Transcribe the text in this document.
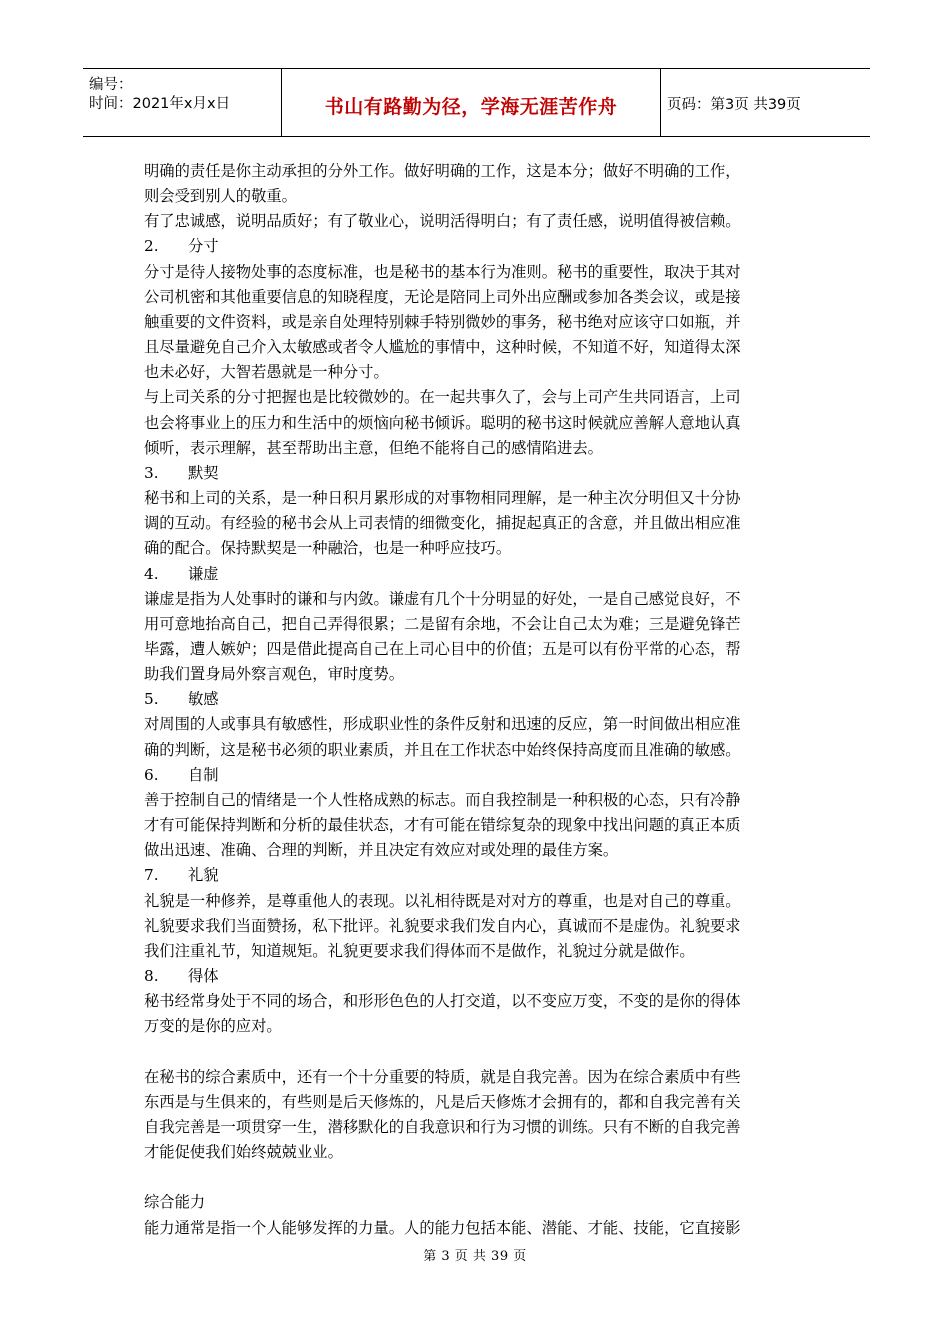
编号：
时间：2021年x月x日	书山有路勤为径，学海无涯苦作舟	页码：第3页 共39页

明确的责任是你主动承担的分外工作。做好明确的工作，这是本分；做好不明确的工作，

则会受到别人的敬重。

有了忠诚感，说明品质好；有了敬业心，说明活得明白；有了责任感，说明值得被信赖。

2. 分寸

分寸是待人接物处事的态度标准，也是秘书的基本行为准则。秘书的重要性，取决于其对

公司机密和其他重要信息的知晓程度，无论是陪同上司外出应酬或参加各类会议，或是接

触重要的文件资料，或是亲自处理特别棘手特别微妙的事务，秘书绝对应该守口如瓶，并

且尽量避免自己介入太敏感或者令人尴尬的事情中，这种时候，不知道不好，知道得太深

也未必好，大智若愚就是一种分寸。

与上司关系的分寸把握也是比较微妙的。在一起共事久了，会与上司产生共同语言，上司

也会将事业上的压力和生活中的烦恼向秘书倾诉。聪明的秘书这时候就应善解人意地认真

倾听，表示理解，甚至帮助出主意，但绝不能将自己的感情陷进去。

3. 默契

秘书和上司的关系，是一种日积月累形成的对事物相同理解，是一种主次分明但又十分协

调的互动。有经验的秘书会从上司表情的细微变化，捕捉起真正的含意，并且做出相应准

确的配合。保持默契是一种融洽，也是一种呼应技巧。

4. 谦虚

谦虚是指为人处事时的谦和与内敛。谦虚有几个十分明显的好处，一是自己感觉良好，不

用可意地抬高自己，把自己弄得很累；二是留有余地，不会让自己太为难；三是避免锋芒

毕露，遭人嫉妒；四是借此提高自己在上司心目中的价值；五是可以有份平常的心态，帮

助我们置身局外察言观色，审时度势。

5. 敏感

对周围的人或事具有敏感性，形成职业性的条件反射和迅速的反应，第一时间做出相应准

确的判断，这是秘书必须的职业素质，并且在工作状态中始终保持高度而且准确的敏感。

6. 自制

善于控制自己的情绪是一个人性格成熟的标志。而自我控制是一种积极的心态，只有冷静

才有可能保持判断和分析的最佳状态，才有可能在错综复杂的现象中找出问题的真正本质

做出迅速、准确、合理的判断，并且决定有效应对或处理的最佳方案。

7. 礼貌

礼貌是一种修养，是尊重他人的表现。以礼相待既是对对方的尊重，也是对自己的尊重。

礼貌要求我们当面赞扬，私下批评。礼貌要求我们发自内心，真诚而不是虚伪。礼貌要求

我们注重礼节，知道规矩。礼貌更要求我们得体而不是做作，礼貌过分就是做作。

8. 得体

秘书经常身处于不同的场合，和形形色色的人打交道，以不变应万变，不变的是你的得体

万变的是你的应对。

在秘书的综合素质中，还有一个十分重要的特质，就是自我完善。因为在综合素质中有些

东西是与生俱来的，有些则是后天修炼的，凡是后天修炼才会拥有的，都和自我完善有关

自我完善是一项贯穿一生，潜移默化的自我意识和行为习惯的训练。只有不断的自我完善

才能促使我们始终兢兢业业。

综合能力

能力通常是指一个人能够发挥的力量。人的能力包括本能、潜能、才能、技能，它直接影

第 3 页 共 39 页
